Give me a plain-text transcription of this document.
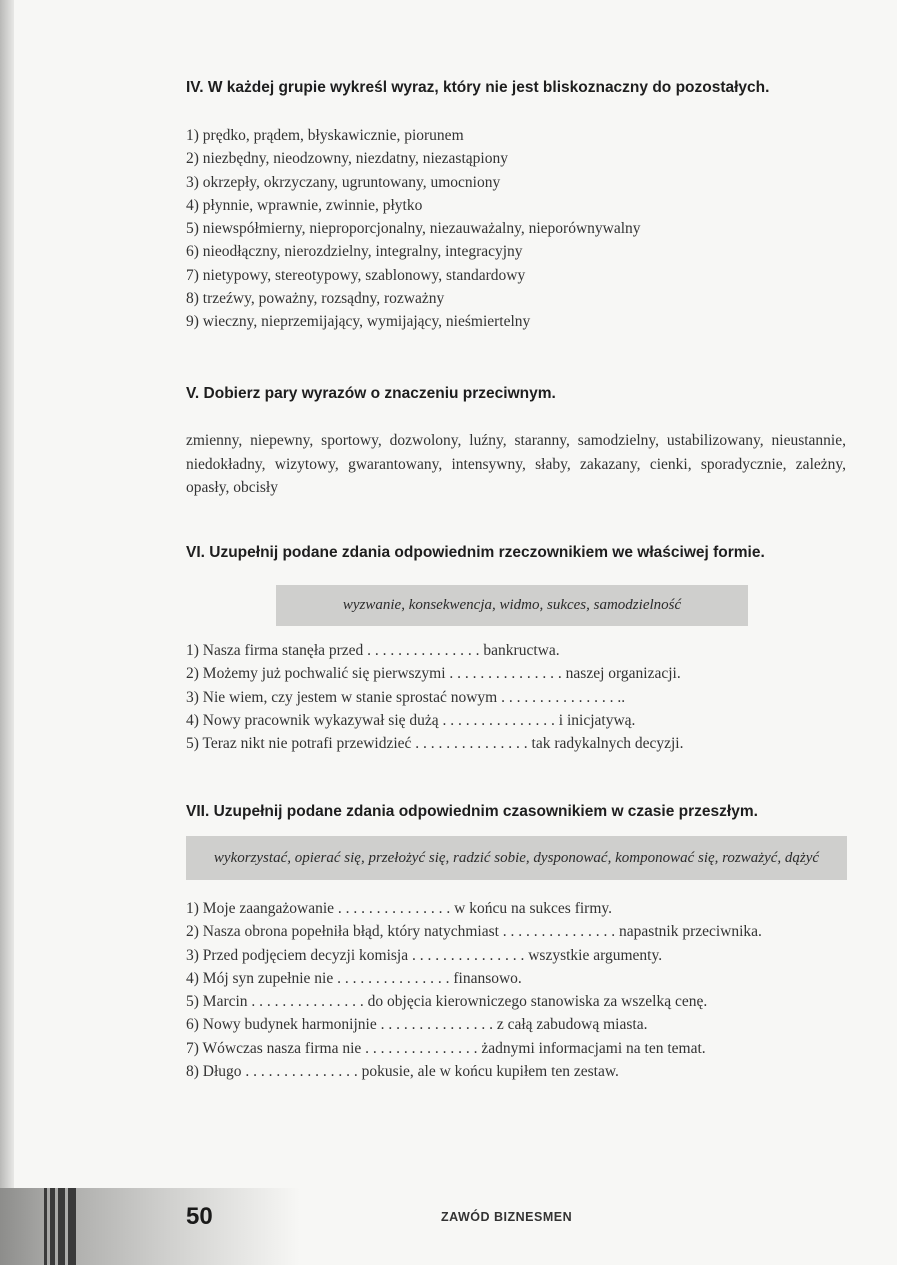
IV. W każdej grupie wykreśl wyraz, który nie jest bliskoznaczny do pozostałych.
1) prędko, prądem, błyskawicznie, piorunem
2) niezbędny, nieodzowny, niezdatny, niezastąpiony
3) okrzepły, okrzyczany, ugruntowany, umocniony
4) płynnie, wprawnie, zwinnie, płytko
5) niewspółmierny, nieproporcjonalny, niezauważalny, nieporównywalny
6) nieodłączny, nierozdzielny, integralny, integracyjny
7) nietypowy, stereotypowy, szablonowy, standardowy
8) trzeźwy, poważny, rozsądny, rozważny
9) wieczny, nieprzemijający, wymijający, nieśmiertelny
V. Dobierz pary wyrazów o znaczeniu przeciwnym.

zmienny, niepewny, sportowy, dozwolony, luźny, staranny, samodzielny, ustabilizowany, nieustannie, niedokładny, wizytowy, gwarantowany, intensywny, słaby, zakazany, cienki, sporadycznie, zależny, opasły, obcisły

VI. Uzupełnij podane zdania odpowiednim rzeczownikiem we właściwej formie.
wyzwanie, konsekwencja, widmo, sukces, samodzielność
1) Nasza firma stanęła przed . . . . . . . . . . . . . . . bankructwa.
2) Możemy już pochwalić się pierwszymi . . . . . . . . . . . . . . . naszej organizacji.
3) Nie wiem, czy jestem w stanie sprostać nowym . . . . . . . . . . . . . . . ..
4) Nowy pracownik wykazywał się dużą . . . . . . . . . . . . . . . i inicjatywą.
5) Teraz nikt nie potrafi przewidzieć . . . . . . . . . . . . . . . tak radykalnych decyzji.
VII. Uzupełnij podane zdania odpowiednim czasownikiem w czasie przeszłym.
wykorzystać, opierać się, przełożyć się, radzić sobie, dysponować, komponować się, rozważyć, dążyć
1) Moje zaangażowanie . . . . . . . . . . . . . . . w końcu na sukces firmy.
2) Nasza obrona popełniła błąd, który natychmiast . . . . . . . . . . . . . . . napastnik przeciwnika.
3) Przed podjęciem decyzji komisja . . . . . . . . . . . . . . . wszystkie argumenty.
4) Mój syn zupełnie nie . . . . . . . . . . . . . . . finansowo.
5) Marcin . . . . . . . . . . . . . . . do objęcia kierowniczego stanowiska za wszelką cenę.
6) Nowy budynek harmonijnie . . . . . . . . . . . . . . . z całą zabudową miasta.
7) Wówczas nasza firma nie . . . . . . . . . . . . . . . żadnymi informacjami na ten temat.
8) Długo . . . . . . . . . . . . . . . pokusie, ale w końcu kupiłem ten zestaw.
50	ZAWÓD BIZNESMEN
